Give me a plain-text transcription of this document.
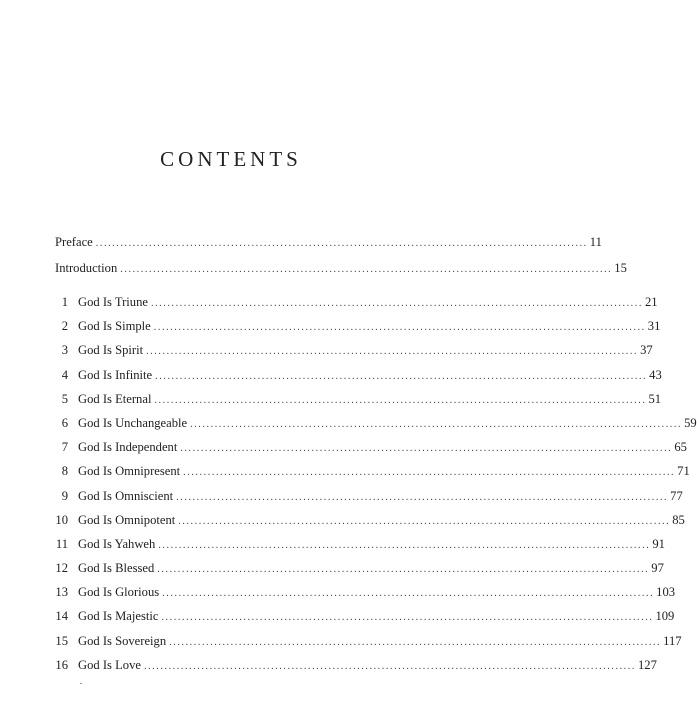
CONTENTS
Preface ........................................................................................................................ 11
Introduction ........................................................................................................................ 15
1 God Is Triune ........................................................................................................................ 21
2 God Is Simple ........................................................................................................................ 31
3 God Is Spirit ........................................................................................................................ 37
4 God Is Infinite ........................................................................................................................ 43
5 God Is Eternal ........................................................................................................................ 51
6 God Is Unchangeable ........................................................................................................................ 59
7 God Is Independent ........................................................................................................................ 65
8 God Is Omnipresent ........................................................................................................................ 71
9 God Is Omniscient ........................................................................................................................ 77
10 God Is Omnipotent ........................................................................................................................ 85
11 God Is Yahweh ........................................................................................................................ 91
12 God Is Blessed ........................................................................................................................ 97
13 God Is Glorious ........................................................................................................................ 103
14 God Is Majestic ........................................................................................................................ 109
15 God Is Sovereign ........................................................................................................................ 117
16 God Is Love ........................................................................................................................ 127
